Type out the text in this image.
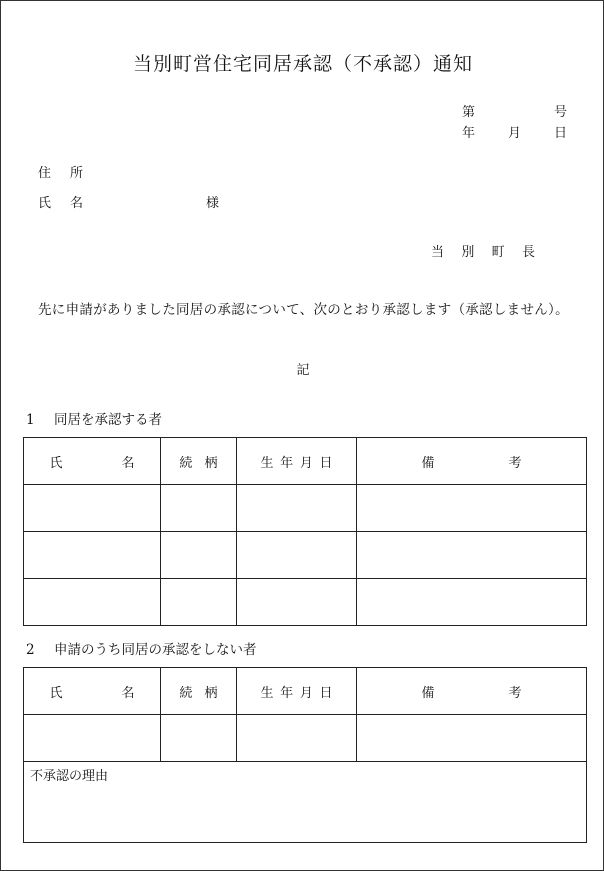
当別町営住宅同居承認（不承認）通知
第	号
年	月	日
住 所
氏 名	様
当 別 町 長
先に申請がありました同居の承認について、次のとおり承認します（承認しません）。
記
1 同居を承認する者
氏 名	続 柄	生 年 月 日	備 考

2 申請のうち同居の承認をしない者
氏 名	続 柄	生 年 月 日	備 考

不承認の理由			
